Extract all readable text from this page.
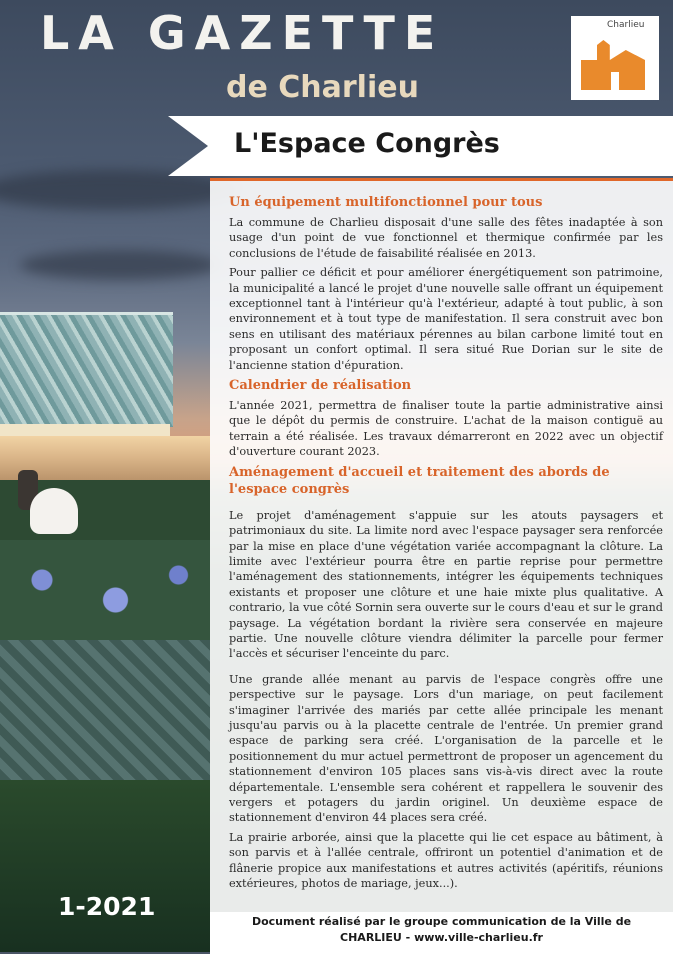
LA GAZETTE
de Charlieu
Charlieu
L'Espace Congrès
Un équipement multifonctionnel pour tous

La commune de Charlieu disposait d'une salle des fêtes inadaptée à son usage d'un point de vue fonctionnel et thermique confirmée par les conclusions de l'étude de faisabilité réalisée en 2013.

Pour pallier ce déficit et pour améliorer énergétiquement son patrimoine, la municipalité a lancé le projet d'une nouvelle salle offrant un équipement exceptionnel tant à l'intérieur qu'à l'extérieur, adapté à tout public, à son environnement et à tout type de manifestation. Il sera construit avec bon sens en utilisant des matériaux pérennes au bilan carbone limité tout en proposant un confort optimal. Il sera situé Rue Dorian sur le site de l'ancienne station d'épuration.

Calendrier de réalisation

L'année 2021, permettra de finaliser toute la partie administrative ainsi que le dépôt du permis de construire. L'achat de la maison contiguë au terrain a été réalisée. Les travaux démarreront en 2022 avec un objectif d'ouverture courant 2023.

Aménagement d'accueil et traitement des abords de l'espace congrès

Le projet d'aménagement s'appuie sur les atouts paysagers et patrimoniaux du site. La limite nord avec l'espace paysager sera renforcée par la mise en place d'une végétation variée accompagnant la clôture. La limite avec l'extérieur pourra être en partie reprise pour permettre l'aménagement des stationnements, intégrer les équipements techniques existants et proposer une clôture et une haie mixte plus qualitative. A contrario, la vue côté Sornin sera ouverte sur le cours d'eau et sur le grand paysage. La végétation bordant la rivière sera conservée en majeure partie. Une nouvelle clôture viendra délimiter la parcelle pour fermer l'accès et sécuriser l'enceinte du parc.

Une grande allée menant au parvis de l'espace congrès offre une perspective sur le paysage. Lors d'un mariage, on peut facilement s'imaginer l'arrivée des mariés par cette allée principale les menant jusqu'au parvis ou à la placette centrale de l'entrée. Un premier grand espace de parking sera créé. L'organisation de la parcelle et le positionnement du mur actuel permettront de proposer un agencement du stationnement d'environ 105 places sans vis-à-vis direct avec la route départementale. L'ensemble sera cohérent et rappellera le souvenir des vergers et potagers du jardin originel. Un deuxième espace de stationnement d'environ 44 places sera créé.

La prairie arborée, ainsi que la placette qui lie cet espace au bâtiment, à son parvis et à l'allée centrale, offriront un potentiel d'animation et de flânerie propice aux manifestations et autres activités (apéritifs, réunions extérieures, photos de mariage, jeux...).

1-2021
Document réalisé par le groupe communication de la Ville de
CHARLIEU - www.ville-charlieu.fr
